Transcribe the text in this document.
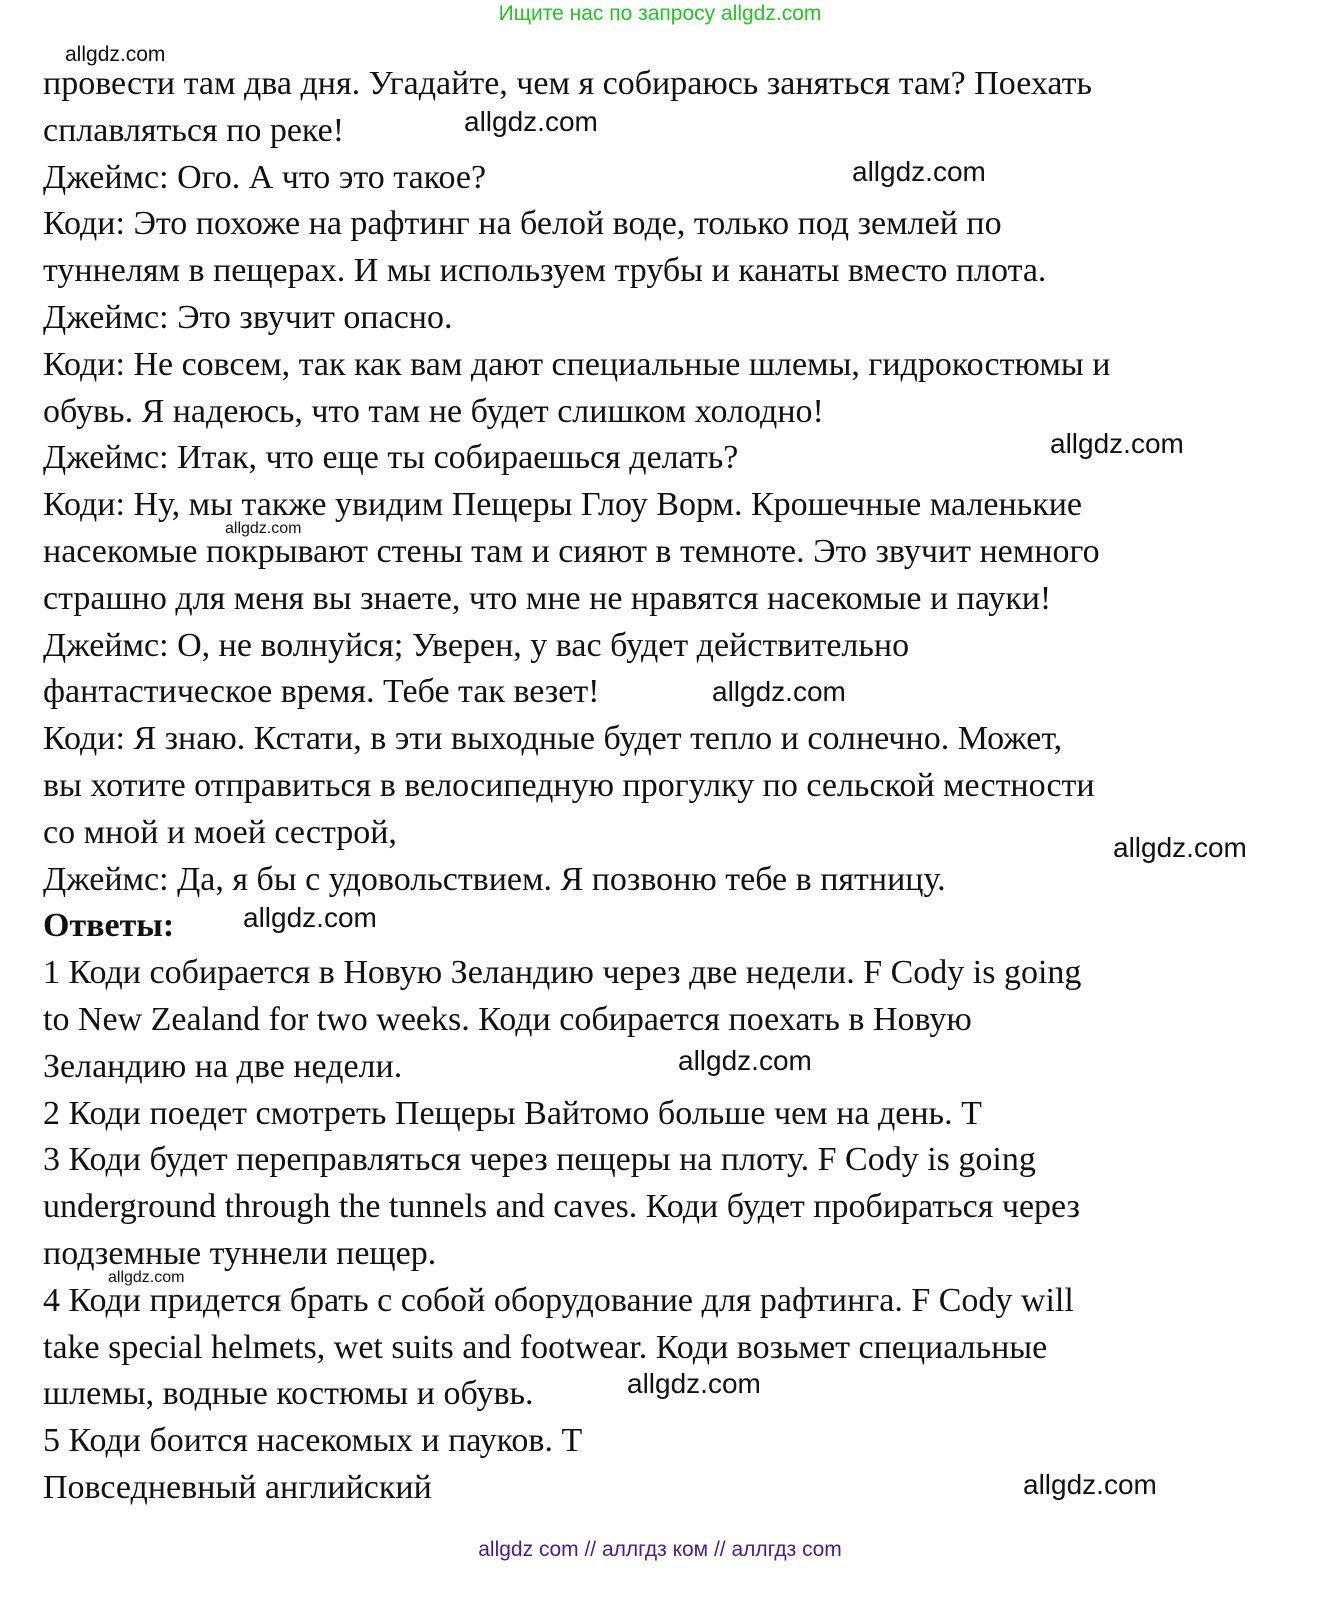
Ищите нас по запросу allgdz.com
провести там два дня. Угадайте, чем я собираюсь заняться там? Поехать
сплавляться по реке!
Джеймс: Ого. А что это такое?
Коди: Это похоже на рафтинг на белой воде, только под землей по
туннелям в пещерах. И мы используем трубы и канаты вместо плота.
Джеймс: Это звучит опасно.
Коди: Не совсем, так как вам дают специальные шлемы, гидрокостюмы и
обувь. Я надеюсь, что там не будет слишком холодно!
Джеймс: Итак, что еще ты собираешься делать?
Коди: Ну, мы также увидим Пещеры Глоу Ворм. Крошечные маленькие
насекомые покрывают стены там и сияют в темноте. Это звучит немного
страшно для меня вы знаете, что мне не нравятся насекомые и пауки!
Джеймс: О, не волнуйся; Уверен, у вас будет действительно
фантастическое время. Тебе так везет!
Коди: Я знаю. Кстати, в эти выходные будет тепло и солнечно. Может,
вы хотите отправиться в велосипедную прогулку по сельской местности
со мной и моей сестрой,
Джеймс: Да, я бы с удовольствием. Я позвоню тебе в пятницу.
Ответы:
1 Коди собирается в Новую Зеландию через две недели. F Cody is going
to New Zealand for two weeks. Коди собирается поехать в Новую
Зеландию на две недели.
2 Коди поедет смотреть Пещеры Вайтомо больше чем на день. T
3 Коди будет переправляться через пещеры на плоту. F Cody is going
underground through the tunnels and caves. Коди будет пробираться через
подземные туннели пещер.
4 Коди придется брать с собой оборудование для рафтинга. F Cody will
take special helmets, wet suits and footwear. Коди возьмет специальные
шлемы, водные костюмы и обувь.
5 Коди боится насекомых и пауков. T
Повседневный английский
allgdz.com
allgdz.com
allgdz.com
allgdz.com
allgdz.com
allgdz.com
allgdz.com
allgdz.com
allgdz.com
allgdz.com
allgdz.com
allgdz.com
allgdz com // аллгдз ком // аллгдз com
